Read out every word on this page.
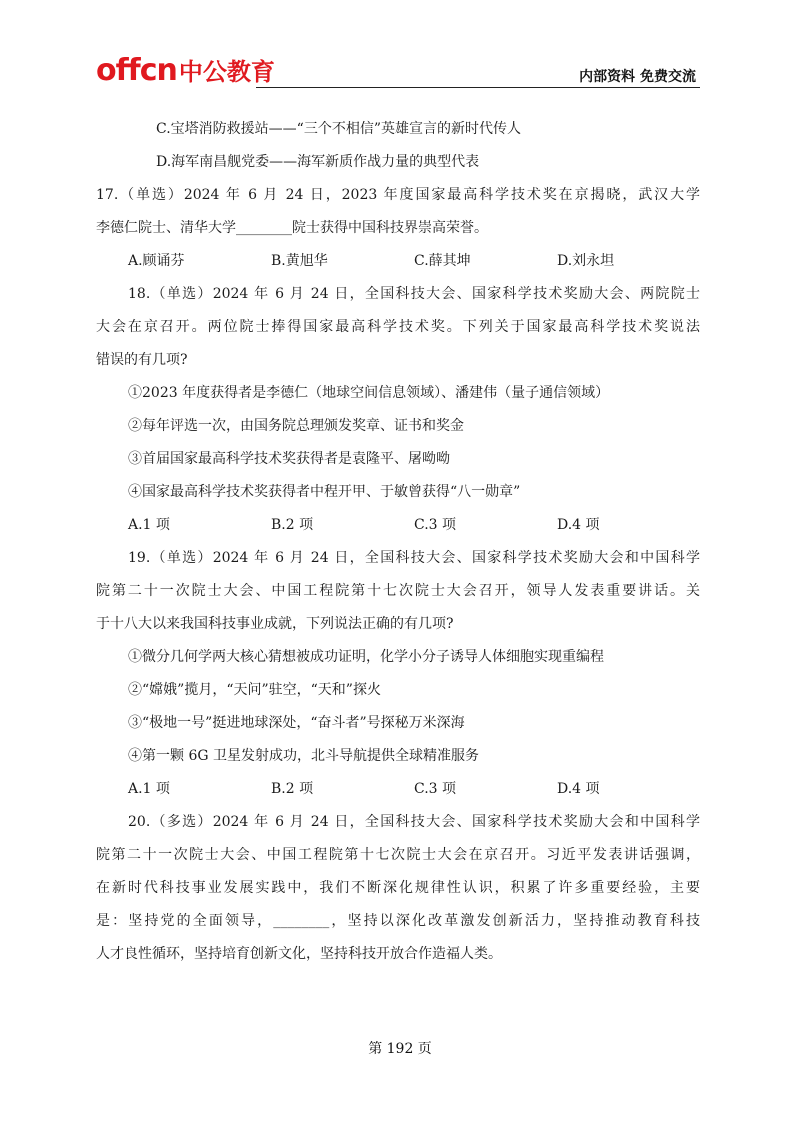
offcn 中公教育	内部资料 免费交流
C.宝塔消防救援站——“三个不相信”英雄宣言的新时代传人
D.海军南昌舰党委——海军新质作战力量的典型代表
17.（单选）2024 年 6 月 24 日，2023 年度国家最高科学技术奖在京揭晓，武汉大学
李德仁院士、清华大学________院士获得中国科技界崇高荣誉。
A.顾诵芬	B.黄旭华	C.薛其坤	D.刘永坦
18.（单选）2024 年 6 月 24 日，全国科技大会、国家科学技术奖励大会、两院院士
大会在京召开。两位院士捧得国家最高科学技术奖。下列关于国家最高科学技术奖说法
错误的有几项?
①2023 年度获得者是李德仁（地球空间信息领域）、潘建伟（量子通信领域）
②每年评选一次，由国务院总理颁发奖章、证书和奖金
③首届国家最高科学技术奖获得者是袁隆平、屠呦呦
④国家最高科学技术奖获得者中程开甲、于敏曾获得“八一勋章”
A.1 项	B.2 项	C.3 项	D.4 项
19.（单选）2024 年 6 月 24 日，全国科技大会、国家科学技术奖励大会和中国科学
院第二十一次院士大会、中国工程院第十七次院士大会召开，领导人发表重要讲话。关
于十八大以来我国科技事业成就，下列说法正确的有几项?
①微分几何学两大核心猜想被成功证明，化学小分子诱导人体细胞实现重编程
②“嫦娥”揽月，“天问”驻空，“天和”探火
③“极地一号”挺进地球深处，“奋斗者”号探秘万米深海
④第一颗 6G 卫星发射成功，北斗导航提供全球精准服务
A.1 项	B.2 项	C.3 项	D.4 项
20.（多选）2024 年 6 月 24 日，全国科技大会、国家科学技术奖励大会和中国科学
院第二十一次院士大会、中国工程院第十七次院士大会在京召开。习近平发表讲话强调，
在新时代科技事业发展实践中，我们不断深化规律性认识，积累了许多重要经验，主要
是：坚持党的全面领导，________，坚持以深化改革激发创新活力，坚持推动教育科技
人才良性循环，坚持培育创新文化，坚持科技开放合作造福人类。
第 192 页
